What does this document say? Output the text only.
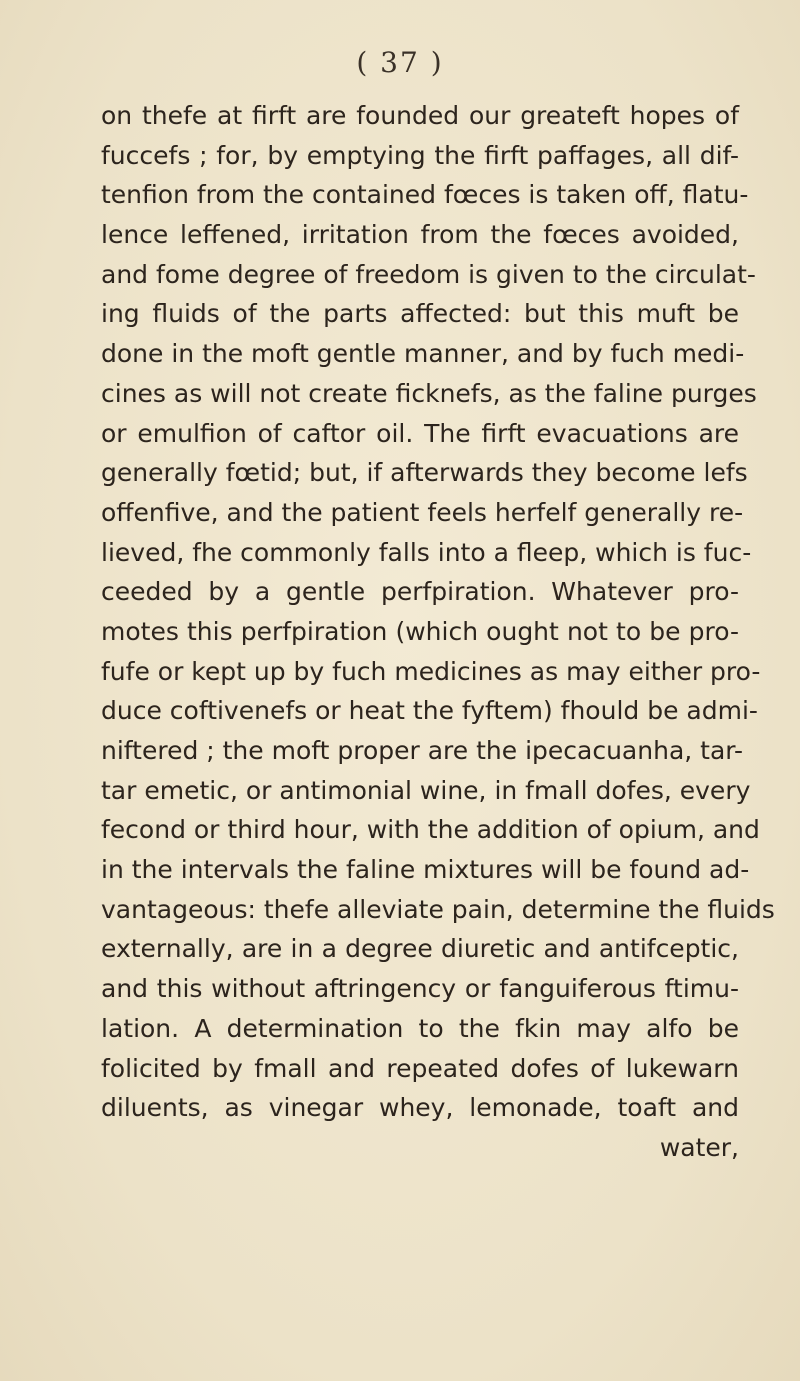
( 37 )
on thefe at firft are founded our greateft hopes of
fuccefs ; for, by emptying the firft paffages, all dif-
tenfion from the contained fœces is taken off, flatu-
lence leffened, irritation from the fœces avoided,
and fome degree of freedom is given to the circulat-
ing fluids of the parts affected: but this muft be
done in the moft gentle manner, and by fuch medi-
cines as will not create ficknefs, as the faline purges
or emulfion of caftor oil. The firft evacuations are
generally fœtid; but, if afterwards they become lefs
offenfive, and the patient feels herfelf generally re-
lieved, fhe commonly falls into a fleep, which is fuc-
ceeded by a gentle perfpiration. Whatever pro-
motes this perfpiration (which ought not to be pro-
fufe or kept up by fuch medicines as may either pro-
duce coftivenefs or heat the fyftem) fhould be admi-
niftered ; the moft proper are the ipecacuanha, tar-
tar emetic, or antimonial wine, in fmall dofes, every
fecond or third hour, with the addition of opium, and
in the intervals the faline mixtures will be found ad-
vantageous: thefe alleviate pain, determine the fluids
externally, are in a degree diuretic and antifceptic,
and this without aftringency or fanguiferous ftimu-
lation. A determination to the fkin may alfo be
folicited by fmall and repeated dofes of lukewarn
diluents, as vinegar whey, lemonade, toaft and
water,
